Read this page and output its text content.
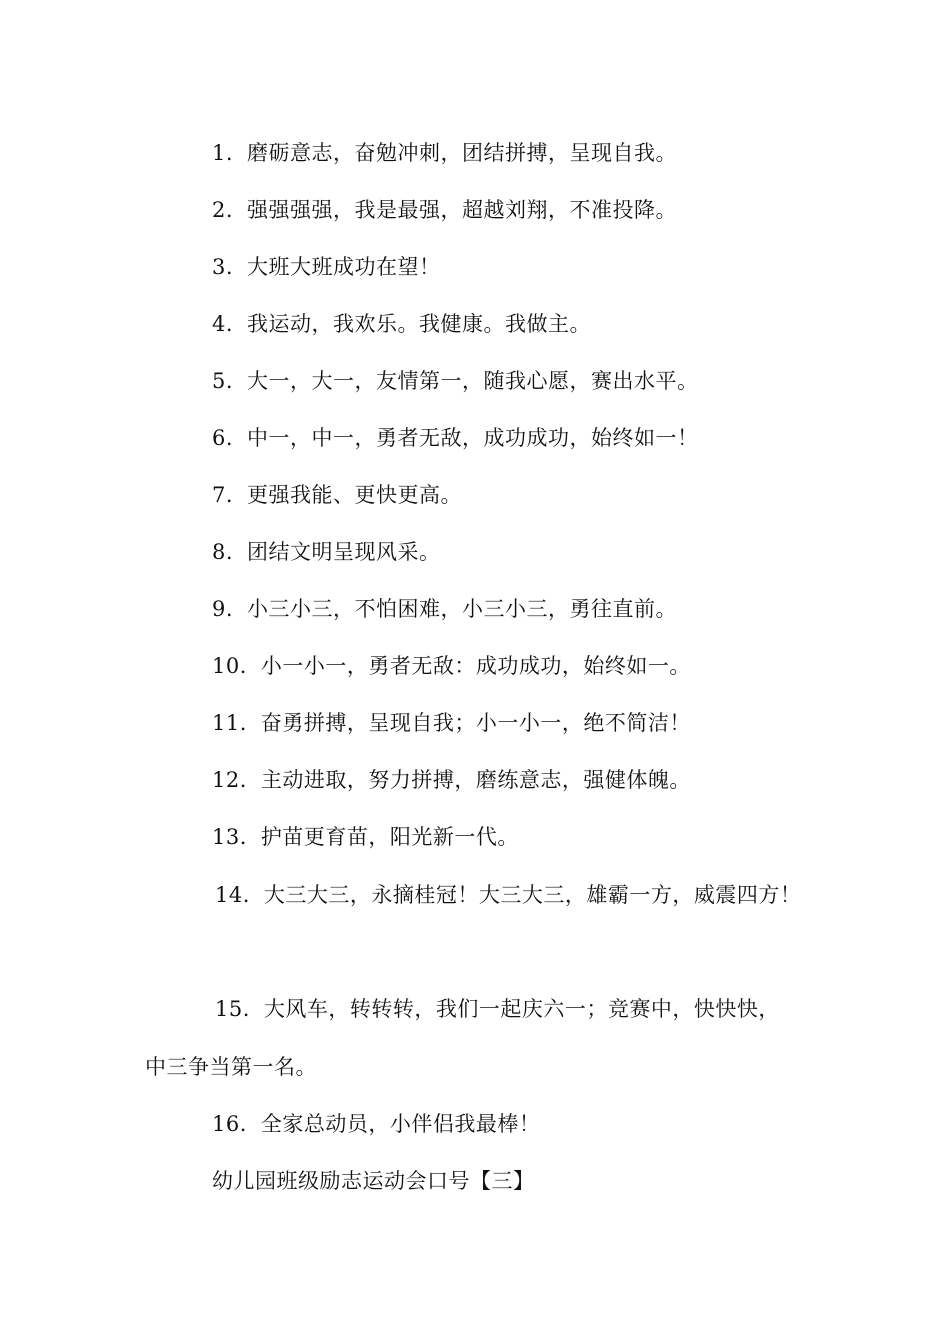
1. 磨砺意志，奋勉冲刺，团结拼搏，呈现自我。
2. 强强强强，我是最强，超越刘翔，不准投降。
3. 大班大班成功在望！
4. 我运动，我欢乐。我健康。我做主。
5. 大一，大一，友情第一，随我心愿，赛出水平。
6. 中一，中一，勇者无敌，成功成功，始终如一！
7. 更强我能、更快更高。
8. 团结文明呈现风采。
9. 小三小三，不怕困难，小三小三，勇往直前。
10. 小一小一，勇者无敌：成功成功，始终如一。
11. 奋勇拼搏，呈现自我；小一小一，绝不简洁！
12. 主动进取，努力拼搏，磨练意志，强健体魄。
13. 护苗更育苗，阳光新一代。
14. 大三大三，永摘桂冠！大三大三，雄霸一方，威震四方！
15. 大风车，转转转，我们一起庆六一；竞赛中，快快快，
中三争当第一名。
16. 全家总动员，小伴侣我最棒！
幼儿园班级励志运动会口号【三】
